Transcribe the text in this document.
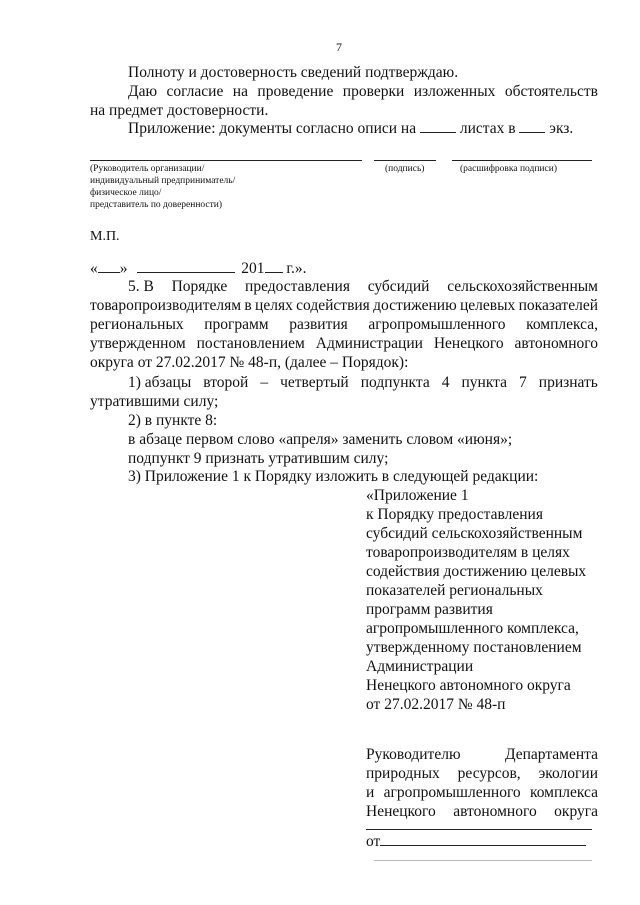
7
Полноту и достоверность сведений подтверждаю.
Даю согласие на проведение проверки изложенных обстоятельств
на предмет достоверности.
Приложение: документы согласно описи на	листах в экз.
(Руководитель организации/
индивидуальный предприниматель/
физическое лицо/
представитель по доверенности)
(подпись)	(расшифровка подписи)
М.П.
« »	201 г.».
5. В Порядке предоставления субсидий сельскохозяйственным
товаропроизводителям в целях содействия достижению целевых показателей
региональных программ развития агропромышленного комплекса,
утвержденном постановлением Администрации Ненецкого автономного
округа от 27.02.2017 № 48-п, (далее – Порядок):
1) абзацы второй – четвертый подпункта 4 пункта 7 признать
утратившими силу;
2) в пункте 8:
в абзаце первом слово «апреля» заменить словом «июня»;
подпункт 9 признать утратившим силу;
3) Приложение 1 к Порядку изложить в следующей редакции:
«Приложение 1
к Порядку предоставления
субсидий сельскохозяйственным
товаропроизводителям в целях
содействия достижению целевых
показателей региональных
программ развития
агропромышленного комплекса,
утвержденному постановлением
Администрации
Ненецкого автономного округа
от 27.02.2017 № 48-п
Руководителю	Департамента
природных ресурсов, экологии
и агропромышленного комплекса
Ненецкого автономного округа
от
